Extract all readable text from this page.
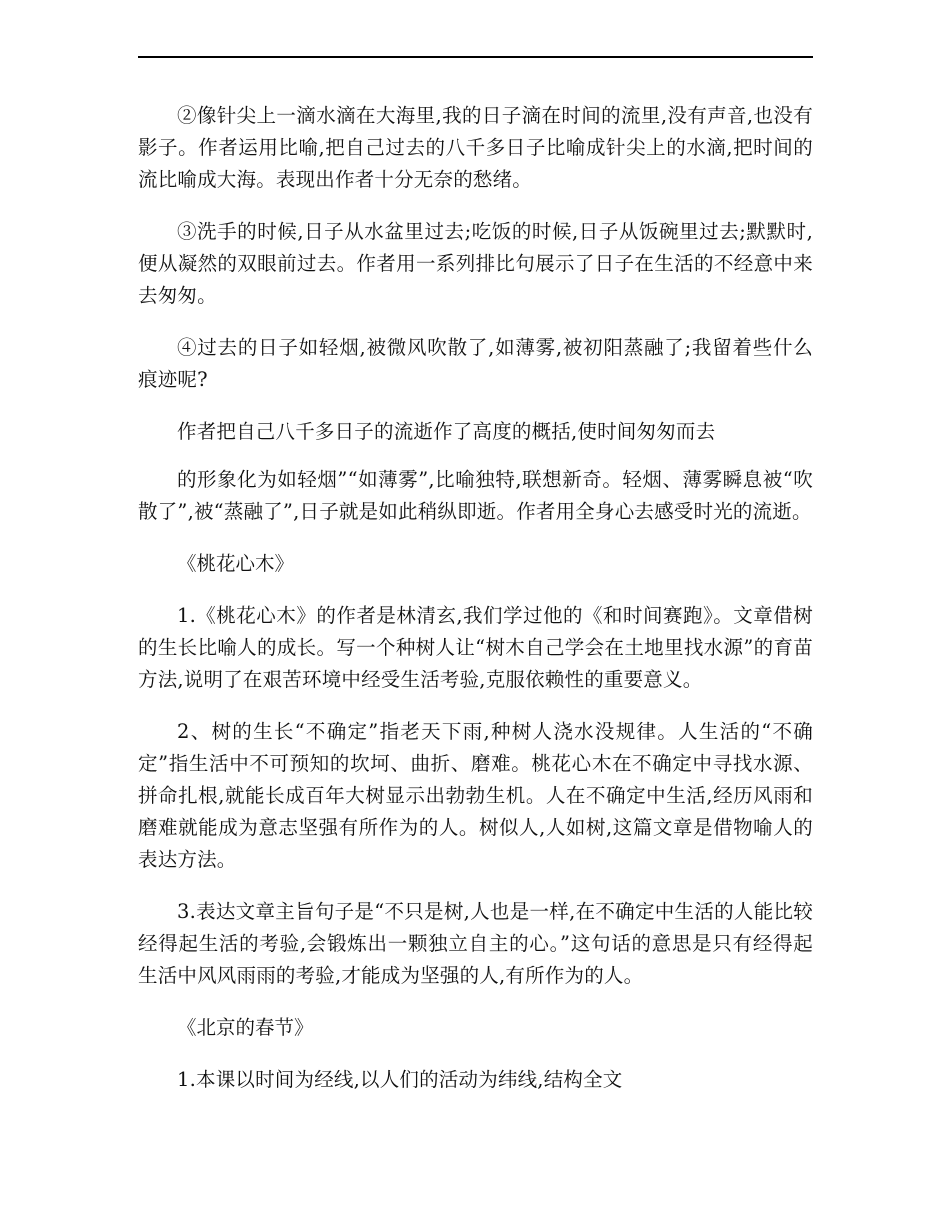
②像针尖上一滴水滴在大海里,我的日子滴在时间的流里,没有声音,也没有影子。作者运用比喻,把自己过去的八千多日子比喻成针尖上的水滴,把时间的流比喻成大海。表现出作者十分无奈的愁绪。

③洗手的时候,日子从水盆里过去;吃饭的时候,日子从饭碗里过去;默默时,便从凝然的双眼前过去。作者用一系列排比句展示了日子在生活的不经意中来去匆匆。

④过去的日子如轻烟,被微风吹散了,如薄雾,被初阳蒸融了;我留着些什么痕迹呢?

作者把自己八千多日子的流逝作了高度的概括,使时间匆匆而去

的形象化为如轻烟”“如薄雾”,比喻独特,联想新奇。轻烟、薄雾瞬息被“吹散了”,被“蒸融了”,日子就是如此稍纵即逝。作者用全身心去感受时光的流逝。

《桃花心木》

1.《桃花心木》的作者是林清玄,我们学过他的《和时间赛跑》。文章借树的生长比喻人的成长。写一个种树人让“树木自己学会在土地里找水源”的育苗方法,说明了在艰苦环境中经受生活考验,克服依赖性的重要意义。

2、树的生长“不确定”指老天下雨,种树人浇水没规律。人生活的“不确定”指生活中不可预知的坎坷、曲折、磨难。桃花心木在不确定中寻找水源、拼命扎根,就能长成百年大树显示出勃勃生机。人在不确定中生活,经历风雨和磨难就能成为意志坚强有所作为的人。树似人,人如树,这篇文章是借物喻人的表达方法。

3.表达文章主旨句子是“不只是树,人也是一样,在不确定中生活的人能比较经得起生活的考验,会锻炼出一颗独立自主的心。”这句话的意思是只有经得起生活中风风雨雨的考验,才能成为坚强的人,有所作为的人。

《北京的春节》

1.本课以时间为经线,以人们的活动为纬线,结构全文
